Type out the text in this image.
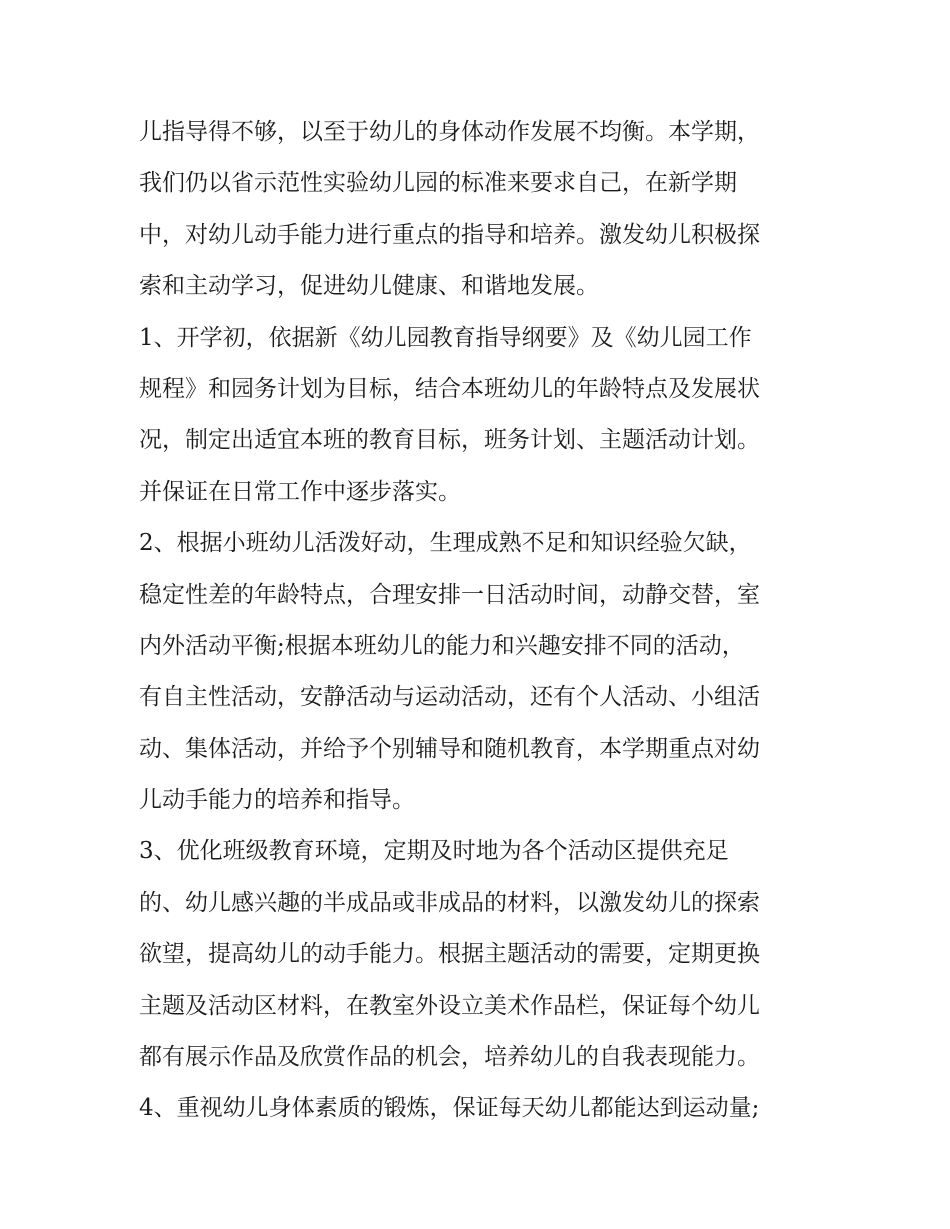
儿指导得不够，以至于幼儿的身体动作发展不均衡。本学期，
我们仍以省示范性实验幼儿园的标准来要求自己，在新学期
中，对幼儿动手能力进行重点的指导和培养。激发幼儿积极探
索和主动学习，促进幼儿健康、和谐地发展。
1、开学初，依据新《幼儿园教育指导纲要》及《幼儿园工作
规程》和园务计划为目标，结合本班幼儿的年龄特点及发展状
况，制定出适宜本班的教育目标，班务计划、主题活动计划。
并保证在日常工作中逐步落实。
2、根据小班幼儿活泼好动，生理成熟不足和知识经验欠缺，
稳定性差的年龄特点，合理安排一日活动时间，动静交替，室
内外活动平衡;根据本班幼儿的能力和兴趣安排不同的活动，
有自主性活动，安静活动与运动活动，还有个人活动、小组活
动、集体活动，并给予个别辅导和随机教育，本学期重点对幼
儿动手能力的培养和指导。
3、优化班级教育环境，定期及时地为各个活动区提供充足
的、幼儿感兴趣的半成品或非成品的材料，以激发幼儿的探索
欲望，提高幼儿的动手能力。根据主题活动的需要，定期更换
主题及活动区材料，在教室外设立美术作品栏，保证每个幼儿
都有展示作品及欣赏作品的机会，培养幼儿的自我表现能力。
4、重视幼儿身体素质的锻炼，保证每天幼儿都能达到运动量;
